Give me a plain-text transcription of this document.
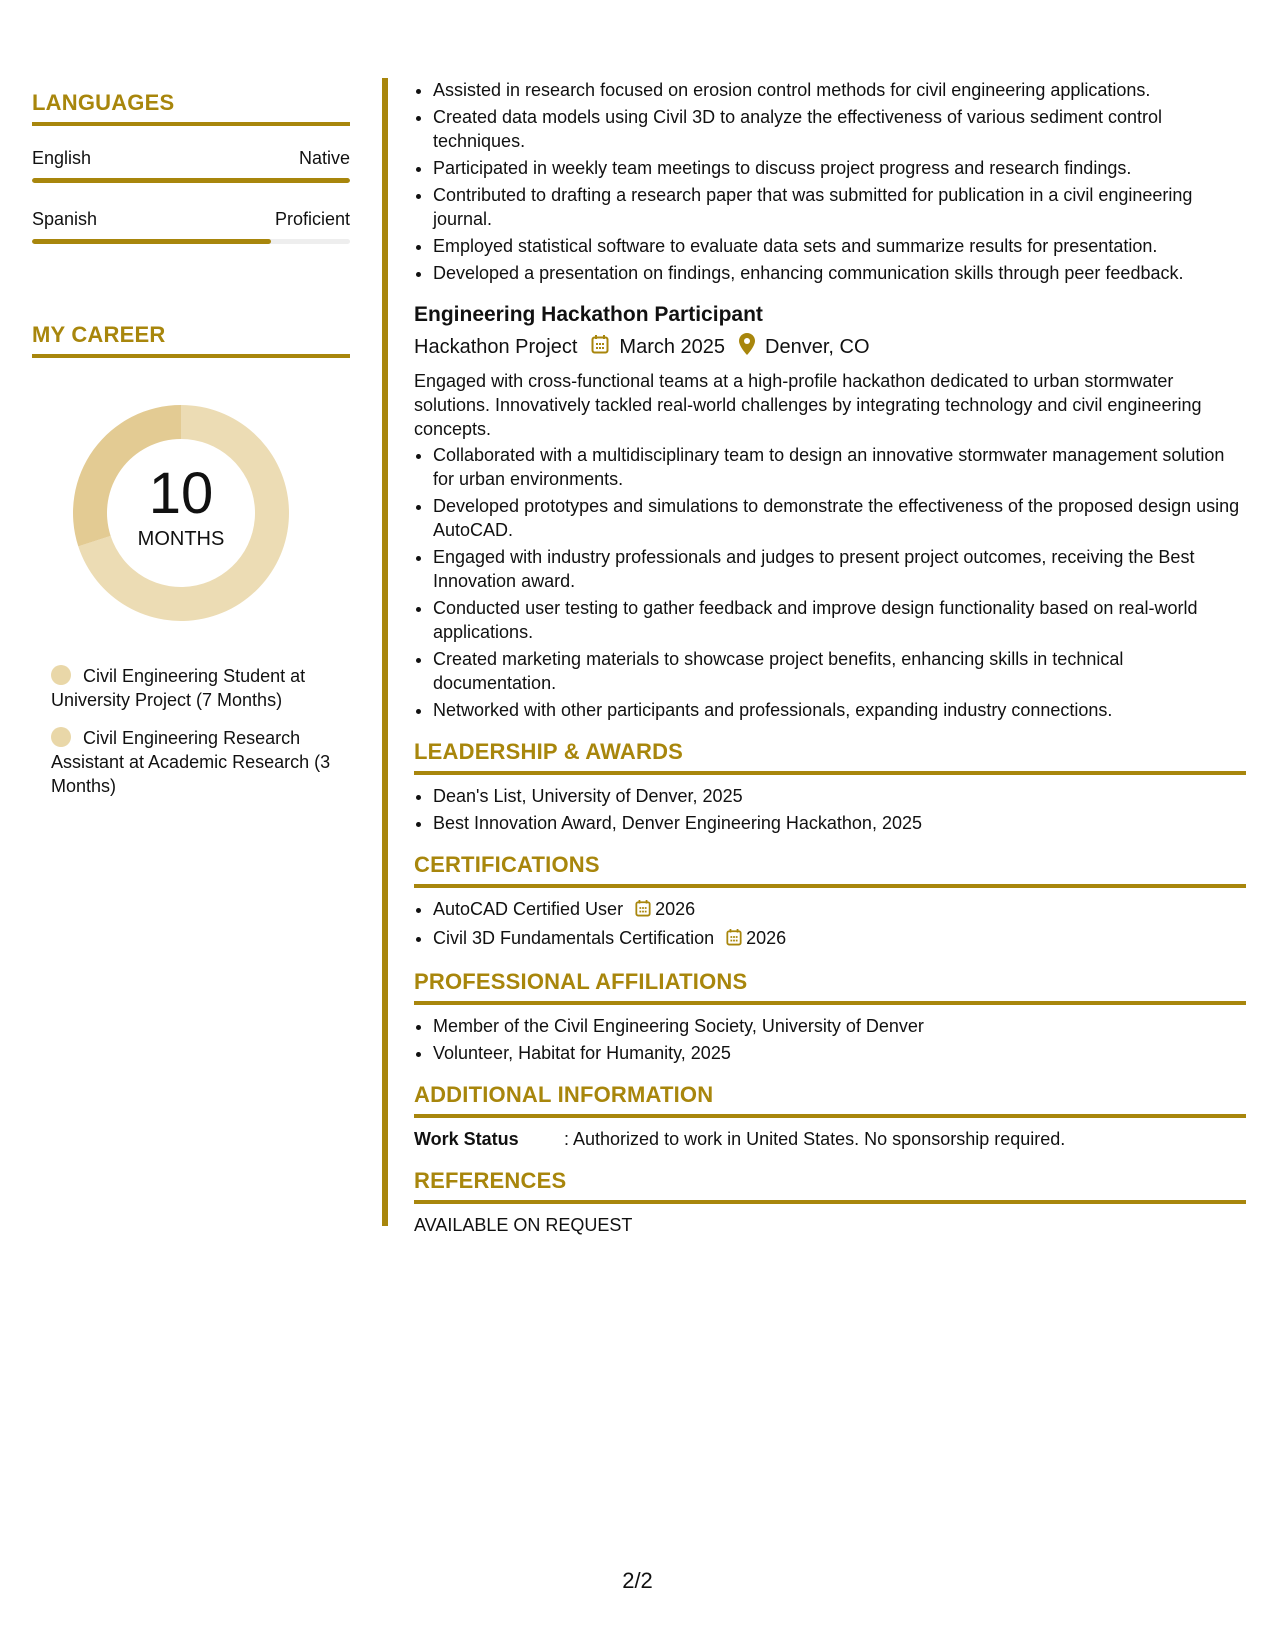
LANGUAGES
English	Native
Spanish	Proficient
MY CAREER
10
MONTHS
Civil Engineering Student at University Project (7 Months)
Civil Engineering Research Assistant at Academic Research (3 Months)
• Assisted in research focused on erosion control methods for civil engineering applications.
• Created data models using Civil 3D to analyze the effectiveness of various sediment control techniques.
• Participated in weekly team meetings to discuss project progress and research findings.
• Contributed to drafting a research paper that was submitted for publication in a civil engineering journal.
• Employed statistical software to evaluate data sets and summarize results for presentation.
• Developed a presentation on findings, enhancing communication skills through peer feedback.
Engineering Hackathon Participant
Hackathon Project March 2025 Denver, CO
Engaged with cross-functional teams at a high-profile hackathon dedicated to urban stormwater solutions. Innovatively tackled real-world challenges by integrating technology and civil engineering concepts.
• Collaborated with a multidisciplinary team to design an innovative stormwater management solution for urban environments.
• Developed prototypes and simulations to demonstrate the effectiveness of the proposed design using AutoCAD.
• Engaged with industry professionals and judges to present project outcomes, receiving the Best Innovation award.
• Conducted user testing to gather feedback and improve design functionality based on real-world applications.
• Created marketing materials to showcase project benefits, enhancing skills in technical documentation.
• Networked with other participants and professionals, expanding industry connections.
LEADERSHIP & AWARDS
• Dean's List, University of Denver, 2025
• Best Innovation Award, Denver Engineering Hackathon, 2025
CERTIFICATIONS
• AutoCAD Certified User 2026
• Civil 3D Fundamentals Certification 2026
PROFESSIONAL AFFILIATIONS
• Member of the Civil Engineering Society, University of Denver
• Volunteer, Habitat for Humanity, 2025
ADDITIONAL INFORMATION
Work Status	: Authorized to work in United States. No sponsorship required.
REFERENCES
AVAILABLE ON REQUEST
2/2
